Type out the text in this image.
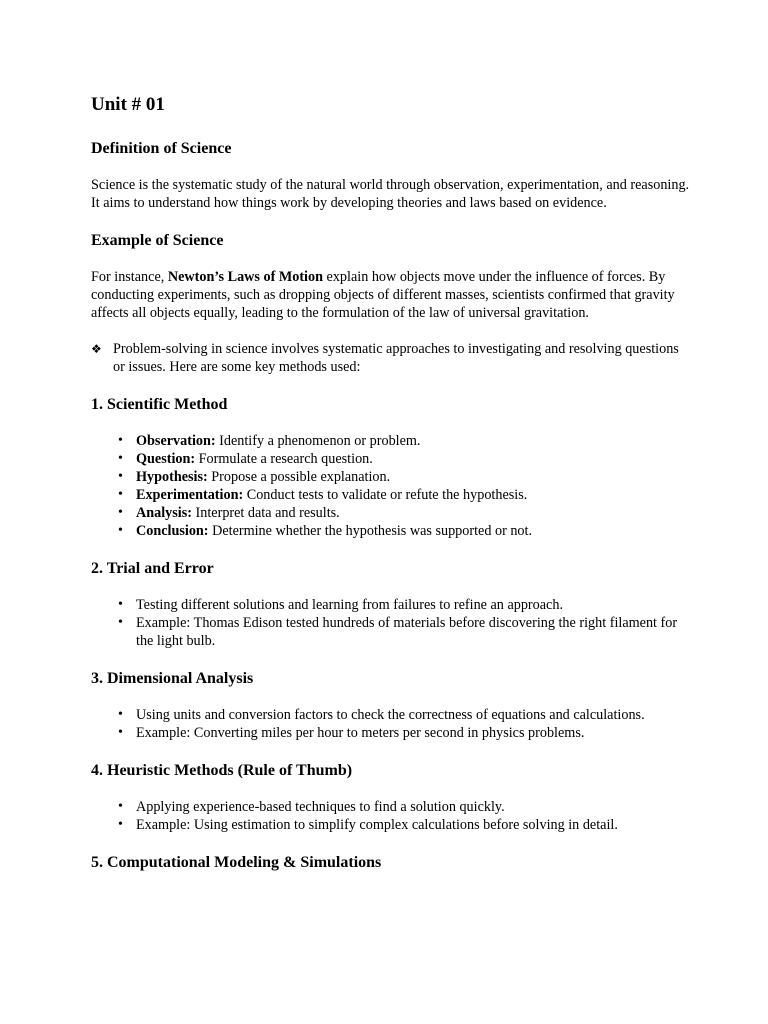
Unit # 01
Definition of Science

Science is the systematic study of the natural world through observation, experimentation, and reasoning. It aims to understand how things work by developing theories and laws based on evidence.

Example of Science

For instance, Newton’s Laws of Motion explain how objects move under the influence of forces. By conducting experiments, such as dropping objects of different masses, scientists confirmed that gravity affects all objects equally, leading to the formulation of the law of universal gravitation.

❖ Problem-solving in science involves systematic approaches to investigating and resolving questions or issues. Here are some key methods used:
1. Scientific Method
• Observation: Identify a phenomenon or problem.
• Question: Formulate a research question.
• Hypothesis: Propose a possible explanation.
• Experimentation: Conduct tests to validate or refute the hypothesis.
• Analysis: Interpret data and results.
• Conclusion: Determine whether the hypothesis was supported or not.
2. Trial and Error
• Testing different solutions and learning from failures to refine an approach.
• Example: Thomas Edison tested hundreds of materials before discovering the right filament for the light bulb.
3. Dimensional Analysis
• Using units and conversion factors to check the correctness of equations and calculations.
• Example: Converting miles per hour to meters per second in physics problems.
4. Heuristic Methods (Rule of Thumb)
• Applying experience-based techniques to find a solution quickly.
• Example: Using estimation to simplify complex calculations before solving in detail.
5. Computational Modeling & Simulations
